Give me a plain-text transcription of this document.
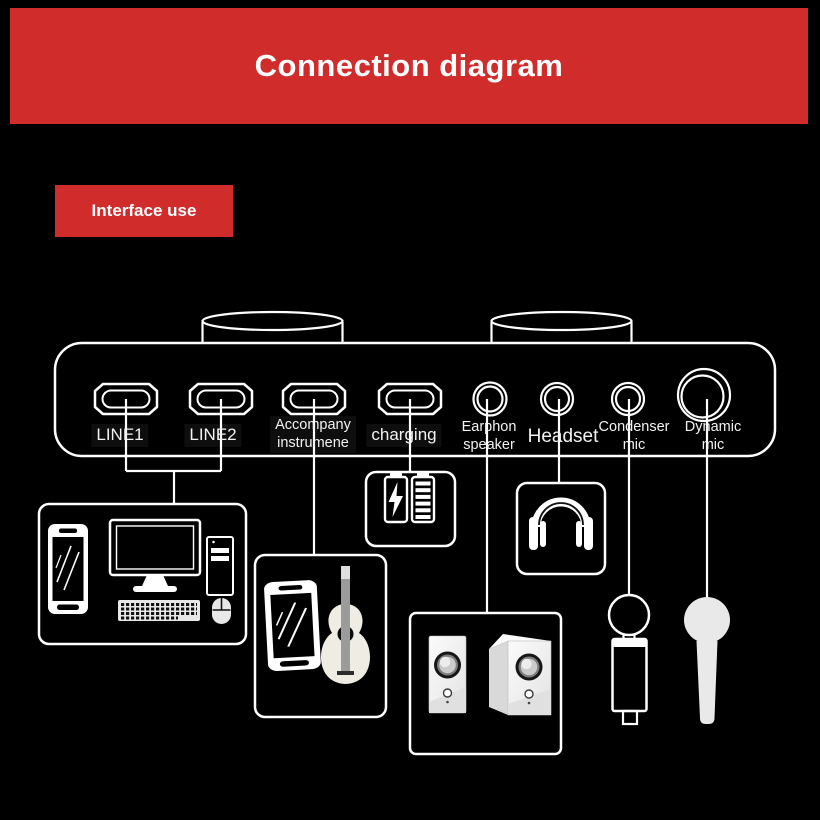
Connection diagram
Interface use
LINE1	LINE2	Accompany
instrumene charging Earphon
speaker Headset Condenser
mic
Dynamic
mic
